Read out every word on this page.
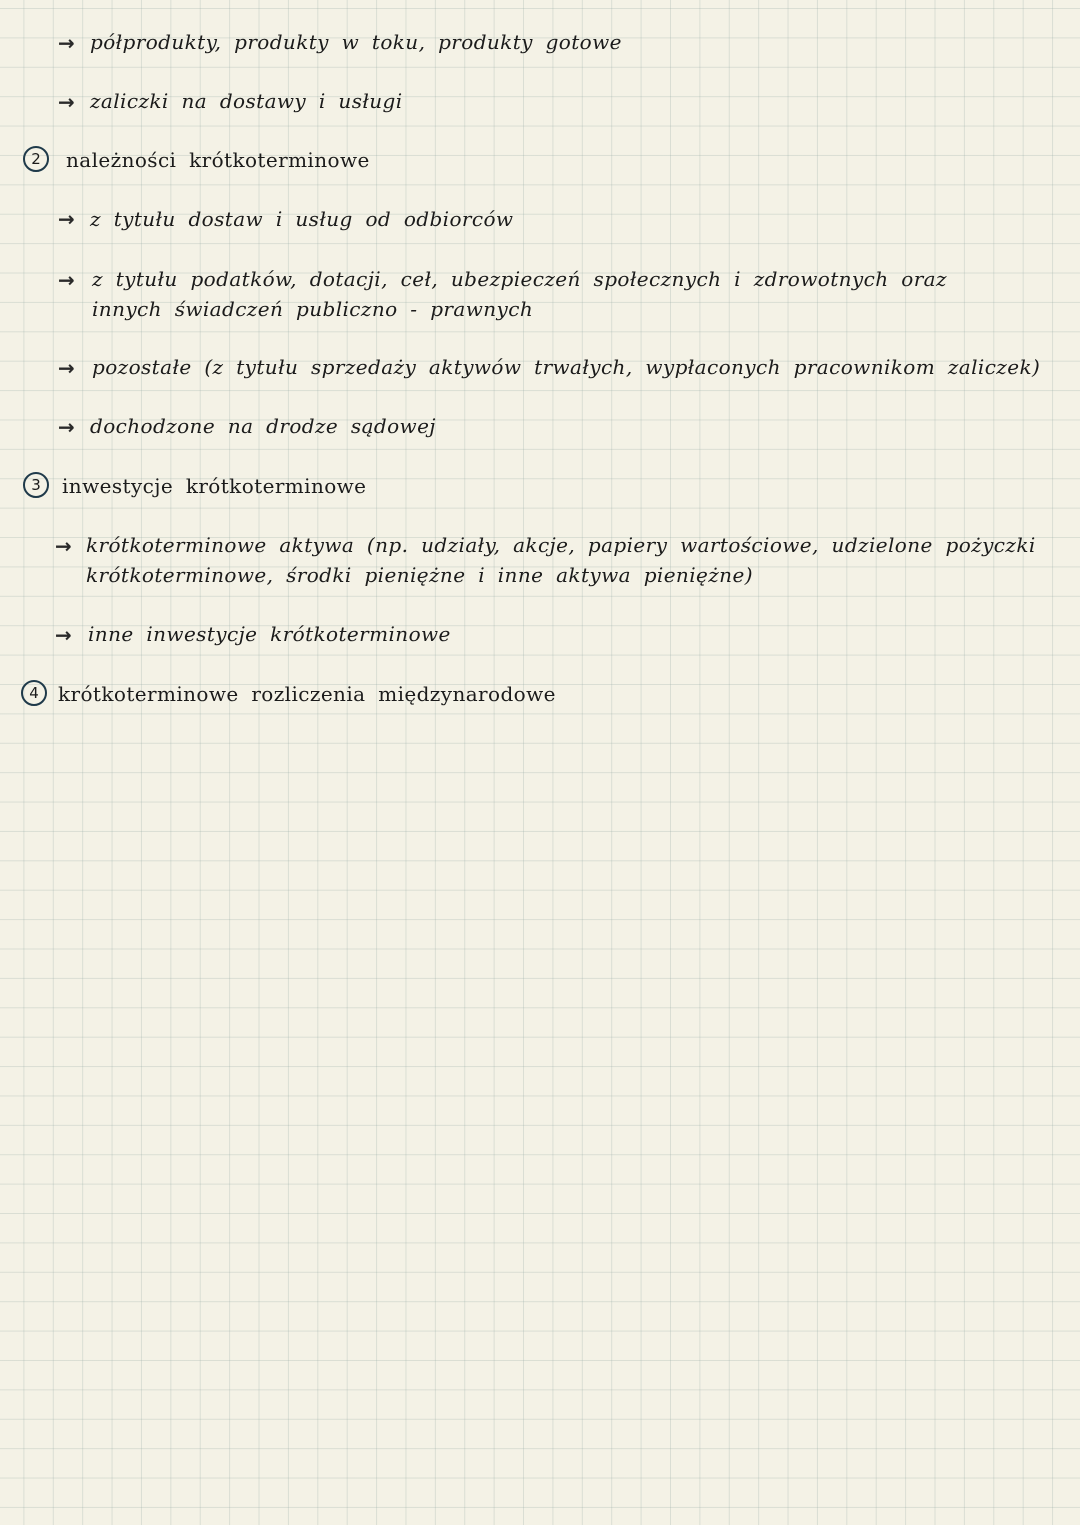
→ półprodukty, produkty w toku, produkty gotowe
→ zaliczki na dostawy i usługi
2	należności krótkoterminowe
→ z tytułu dostaw i usług od odbiorców
→ z tytułu podatków, dotacji, ceł, ubezpieczeń społecznych i zdrowotnych oraz innych świadczeń publiczno - prawnych
→ pozostałe (z tytułu sprzedaży aktywów trwałych, wypłaconych pracownikom zaliczek)
→ dochodzone na drodze sądowej
3	inwestycje krótkoterminowe
→ krótkoterminowe aktywa (np. udziały, akcje, papiery wartościowe, udzielone pożyczki krótkoterminowe, środki pieniężne i inne aktywa pieniężne)
→ inne inwestycje krótkoterminowe
4 krótkoterminowe rozliczenia międzynarodowe
